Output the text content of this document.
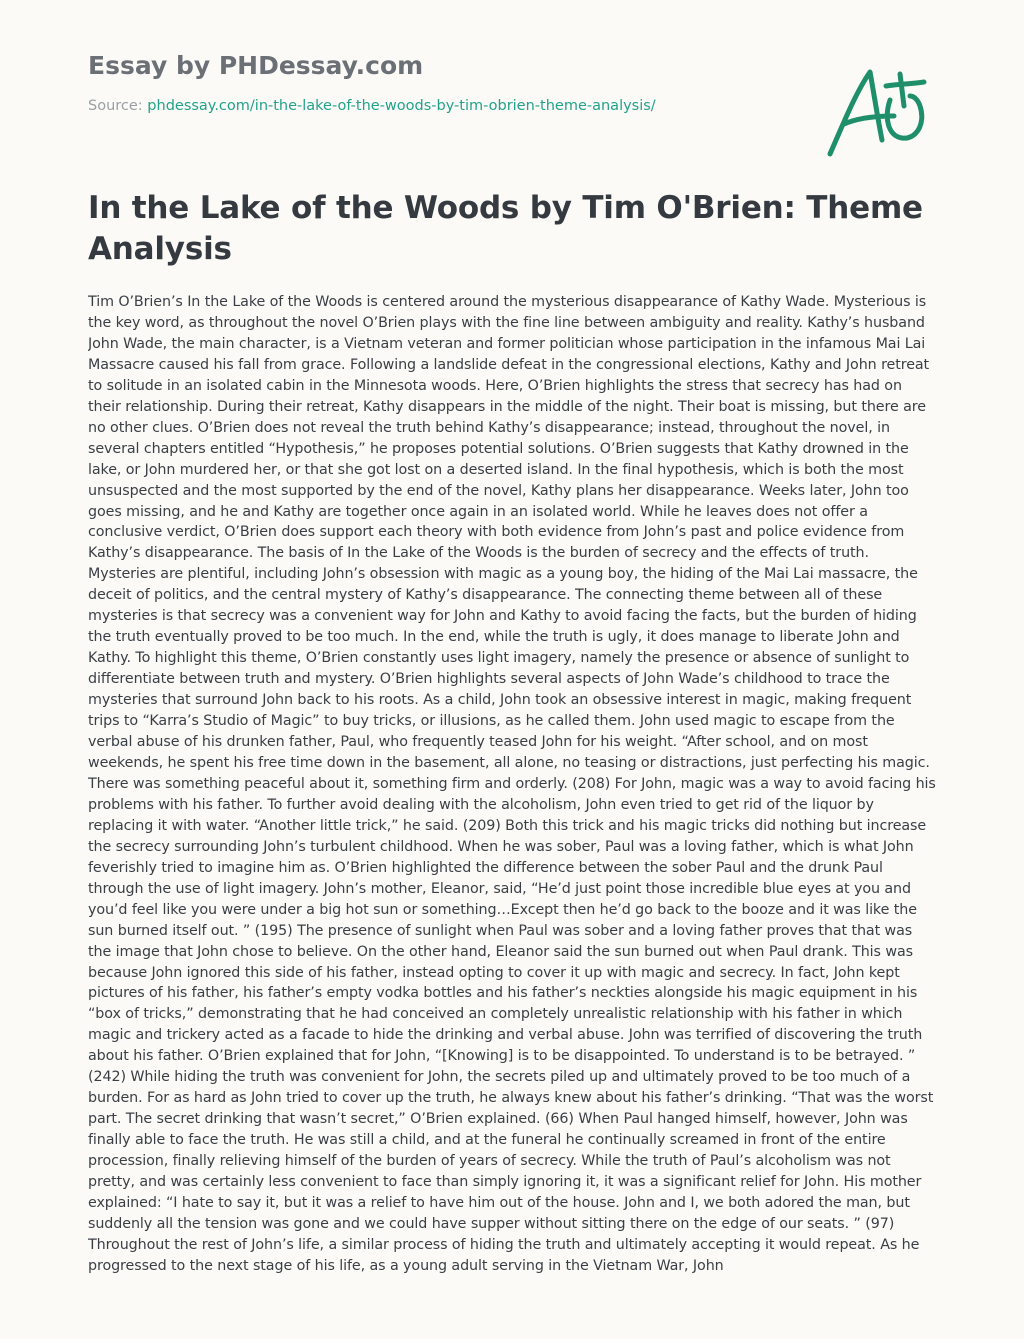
Essay by PHDessay.com
Source: phdessay.com/in-the-lake-of-the-woods-by-tim-obrien-theme-analysis/
In the Lake of the Woods by Tim O'Brien: Theme Analysis

Tim O’Brien’s In the Lake of the Woods is centered around the mysterious disappearance of Kathy Wade. Mysterious is the key word, as throughout the novel O’Brien plays with the fine line between ambiguity and reality. Kathy’s husband John Wade, the main character, is a Vietnam veteran and former politician whose participation in the infamous Mai Lai Massacre caused his fall from grace. Following a landslide defeat in the congressional elections, Kathy and John retreat to solitude in an isolated cabin in the Minnesota woods. Here, O’Brien highlights the stress that secrecy has had on their relationship. During their retreat, Kathy disappears in the middle of the night. Their boat is missing, but there are no other clues. O’Brien does not reveal the truth behind Kathy’s disappearance; instead, throughout the novel, in several chapters entitled “Hypothesis,” he proposes potential solutions. O’Brien suggests that Kathy drowned in the lake, or John murdered her, or that she got lost on a deserted island. In the final hypothesis, which is both the most unsuspected and the most supported by the end of the novel, Kathy plans her disappearance. Weeks later, John too goes missing, and he and Kathy are together once again in an isolated world. While he leaves does not offer a conclusive verdict, O’Brien does support each theory with both evidence from John’s past and police evidence from Kathy’s disappearance. The basis of In the Lake of the Woods is the burden of secrecy and the effects of truth. Mysteries are plentiful, including John’s obsession with magic as a young boy, the hiding of the Mai Lai massacre, the deceit of politics, and the central mystery of Kathy’s disappearance. The connecting theme between all of these mysteries is that secrecy was a convenient way for John and Kathy to avoid facing the facts, but the burden of hiding the truth eventually proved to be too much. In the end, while the truth is ugly, it does manage to liberate John and Kathy. To highlight this theme, O’Brien constantly uses light imagery, namely the presence or absence of sunlight to differentiate between truth and mystery. O’Brien highlights several aspects of John Wade’s childhood to trace the mysteries that surround John back to his roots. As a child, John took an obsessive interest in magic, making frequent trips to “Karra’s Studio of Magic” to buy tricks, or illusions, as he called them. John used magic to escape from the verbal abuse of his drunken father, Paul, who frequently teased John for his weight. “After school, and on most weekends, he spent his free time down in the basement, all alone, no teasing or distractions, just perfecting his magic. There was something peaceful about it, something firm and orderly. (208) For John, magic was a way to avoid facing his problems with his father. To further avoid dealing with the alcoholism, John even tried to get rid of the liquor by replacing it with water. “Another little trick,” he said. (209) Both this trick and his magic tricks did nothing but increase the secrecy surrounding John’s turbulent childhood. When he was sober, Paul was a loving father, which is what John feverishly tried to imagine him as. O’Brien highlighted the difference between the sober Paul and the drunk Paul through the use of light imagery. John’s mother, Eleanor, said, “He’d just point those incredible blue eyes at you and you’d feel like you were under a big hot sun or something…Except then he’d go back to the booze and it was like the sun burned itself out. ” (195) The presence of sunlight when Paul was sober and a loving father proves that that was the image that John chose to believe. On the other hand, Eleanor said the sun burned out when Paul drank. This was because John ignored this side of his father, instead opting to cover it up with magic and secrecy. In fact, John kept pictures of his father, his father’s empty vodka bottles and his father’s neckties alongside his magic equipment in his “box of tricks,” demonstrating that he had conceived an completely unrealistic relationship with his father in which magic and trickery acted as a facade to hide the drinking and verbal abuse. John was terrified of discovering the truth about his father. O’Brien explained that for John, “[Knowing] is to be disappointed. To understand is to be betrayed. ” (242) While hiding the truth was convenient for John, the secrets piled up and ultimately proved to be too much of a burden. For as hard as John tried to cover up the truth, he always knew about his father’s drinking. “That was the worst part. The secret drinking that wasn’t secret,” O’Brien explained. (66) When Paul hanged himself, however, John was finally able to face the truth. He was still a child, and at the funeral he continually screamed in front of the entire procession, finally relieving himself of the burden of years of secrecy. While the truth of Paul’s alcoholism was not pretty, and was certainly less convenient to face than simply ignoring it, it was a significant relief for John. His mother explained: “I hate to say it, but it was a relief to have him out of the house. John and I, we both adored the man, but suddenly all the tension was gone and we could have supper without sitting there on the edge of our seats. ” (97) Throughout the rest of John’s life, a similar process of hiding the truth and ultimately accepting it would repeat. As he progressed to the next stage of his life, as a young adult serving in the Vietnam War, John
